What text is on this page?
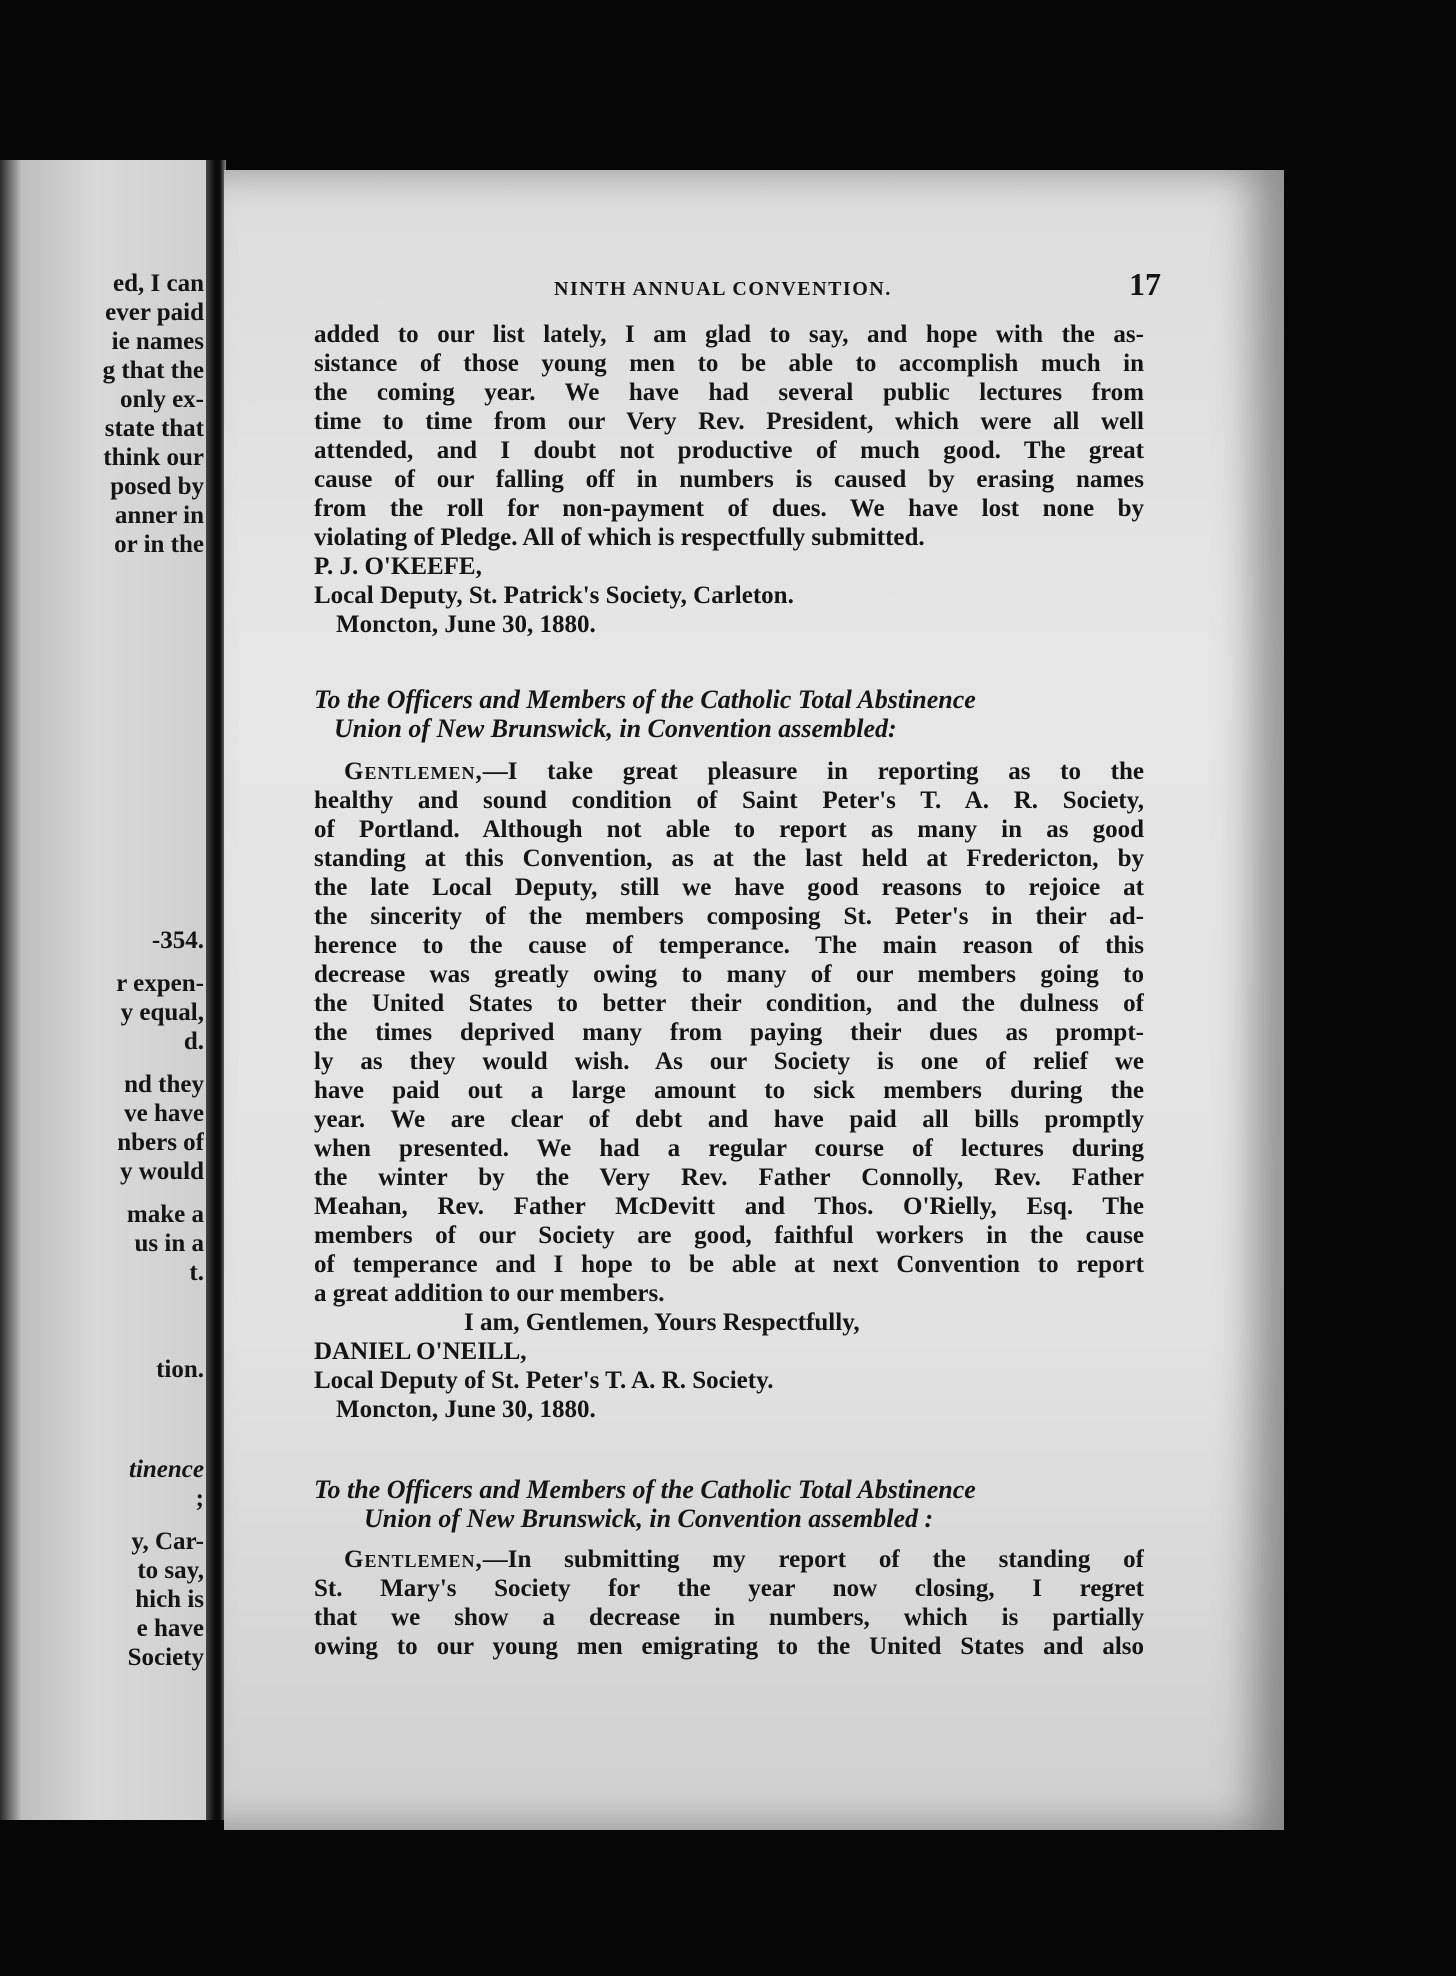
ed, I can
ever paid
ie names
g that the
only ex-
state that
think our
posed by
anner in
or in the
-354.
r expen-
y equal,
d.
nd they
ve have
nbers of
y would
make a
us in a
t.
tion.
tinence
;
y, Car-
to say,
hich is
e have
Society
NINTH ANNUAL CONVENTION.	17
added to our list lately, I am glad to say, and hope with the as-
sistance of those young men to be able to accomplish much in
the coming year. We have had several public lectures from
time to time from our Very Rev. President, which were all well
attended, and I doubt not productive of much good. The great
cause of our falling off in numbers is caused by erasing names
from the roll for non-payment of dues. We have lost none by
violating of Pledge. All of which is respectfully submitted.
P. J. O'KEEFE,
Local Deputy, St. Patrick's Society, Carleton.
Moncton, June 30, 1880.
To the Officers and Members of the Catholic Total Abstinence
Union of New Brunswick, in Convention assembled:
Gentlemen,—I take great pleasure in reporting as to the
healthy and sound condition of Saint Peter's T. A. R. Society,
of Portland. Although not able to report as many in as good
standing at this Convention, as at the last held at Fredericton, by
the late Local Deputy, still we have good reasons to rejoice at
the sincerity of the members composing St. Peter's in their ad-
herence to the cause of temperance. The main reason of this
decrease was greatly owing to many of our members going to
the United States to better their condition, and the dulness of
the times deprived many from paying their dues as prompt-
ly as they would wish. As our Society is one of relief we
have paid out a large amount to sick members during the
year. We are clear of debt and have paid all bills promptly
when presented. We had a regular course of lectures during
the winter by the Very Rev. Father Connolly, Rev. Father
Meahan, Rev. Father McDevitt and Thos. O'Rielly, Esq. The
members of our Society are good, faithful workers in the cause
of temperance and I hope to be able at next Convention to report
a great addition to our members.
I am, Gentlemen, Yours Respectfully,
DANIEL O'NEILL,
Local Deputy of St. Peter's T. A. R. Society.
Moncton, June 30, 1880.
To the Officers and Members of the Catholic Total Abstinence
Union of New Brunswick, in Convention assembled :
Gentlemen,—In submitting my report of the standing of
St. Mary's Society for the year now closing, I regret
that we show a decrease in numbers, which is partially
owing to our young men emigrating to the United States and also
